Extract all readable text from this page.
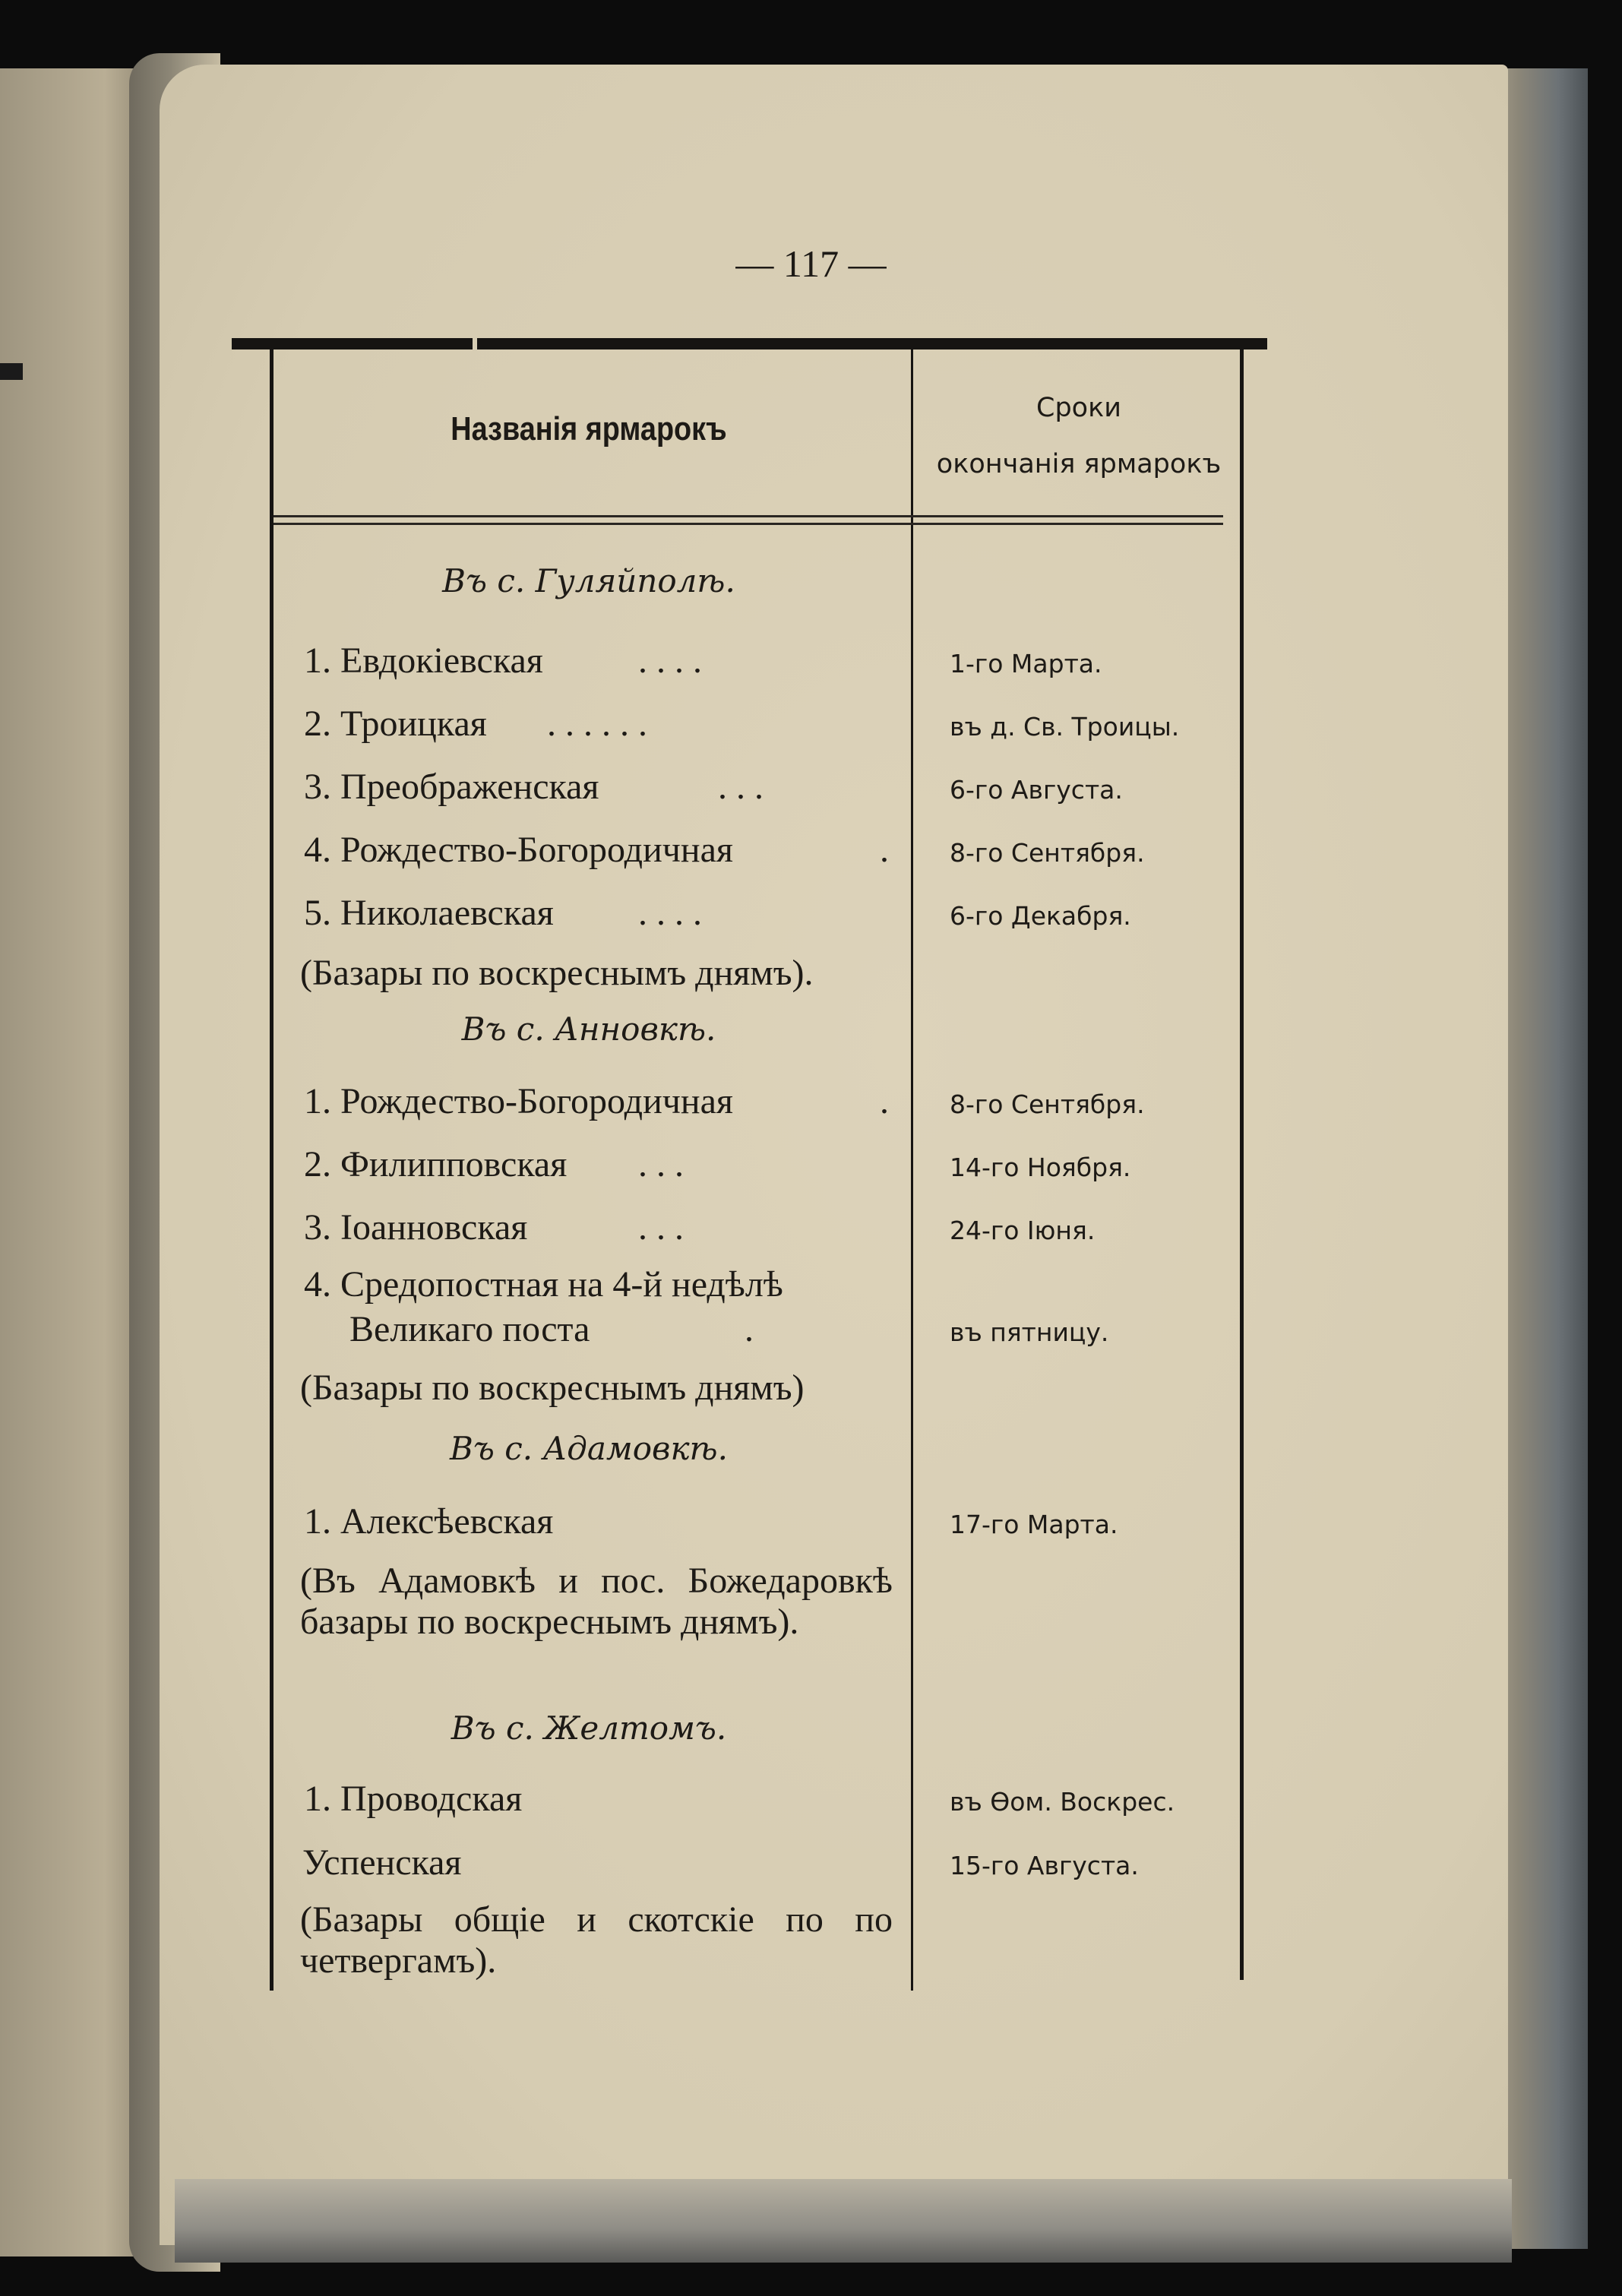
— 117 —
Названія ярмарокъ
Сроки
окончанія ярмарокъ
Въ с. Гуляйполѣ.
1. Евдокіевская	. . . .	1-го Марта.
2. Троицкая . . . . . .	въ д. Св. Троицы.
3. Преображенская	. . .	6-го Августа.
4. Рождество-Богородичная	. 8-го Сентября.
5. Николаевская . . . .	6-го Декабря.
(Базары по воскреснымъ днямъ).
Въ с. Анновкѣ.
1. Рождество-Богородичная	. 8-го Сентября.
2. Филипповская . . .	14-го Ноября.
3. Іоанновская	. . .	24-го Іюня.
4. Средопостная на 4-й недѣлѣ
Великаго поста	.	въ пятницу.
(Базары по воскреснымъ днямъ)
Въ с. Адамовкѣ.
1. Алексѣевская	17-го Марта.
(Въ Адамовкѣ и пос. Божедаровкѣ базары по воскреснымъ днямъ).
Въ с. Желтомъ.
1. Проводская	въ Ѳом. Воскрес.
Успенская	15-го Августа.
(Базары общіе и скотскіе по по четвергамъ).
